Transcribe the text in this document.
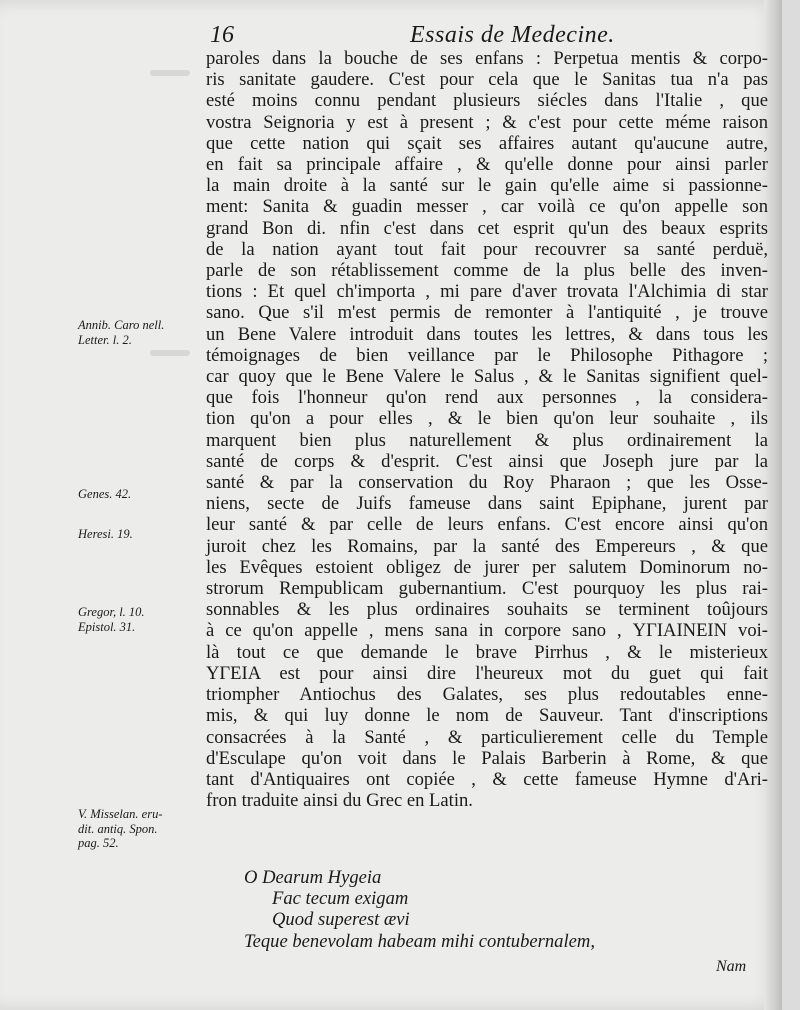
16	Essais de Medecine.
Annib. Caro nell.
Letter. l. 2.
Genes. 42.
Heresi. 19.
Gregor, l. 10.
Epistol. 31.
V. Misselan. eru-
dit. antiq. Spon.
pag. 52.
paroles dans la bouche de ses enfans : Perpetua mentis & corpo-
ris sanitate gaudere. C'est pour cela que le Sanitas tua n'a pas
esté moins connu pendant plusieurs siécles dans l'Italie , que
vostra Seignoria y est à present ; & c'est pour cette méme raison
que cette nation qui sçait ses affaires autant qu'aucune autre,
en fait sa principale affaire , & qu'elle donne pour ainsi parler
la main droite à la santé sur le gain qu'elle aime si passionne-
ment: Sanita & guadin messer , car voilà ce qu'on appelle son
grand Bon di. nfin c'est dans cet esprit qu'un des beaux esprits
de la nation ayant tout fait pour recouvrer sa santé perduë,
parle de son rétablissement comme de la plus belle des inven-
tions : Et quel ch'importa , mi pare d'aver trovata l'Alchimia di star
sano. Que s'il m'est permis de remonter à l'antiquité , je trouve
un Bene Valere introduit dans toutes les lettres, & dans tous les
témoignages de bien veillance par le Philosophe Pithagore ;
car quoy que le Bene Valere le Salus , & le Sanitas signifient quel-
que fois l'honneur qu'on rend aux personnes , la considera-
tion qu'on a pour elles , & le bien qu'on leur souhaite , ils
marquent bien plus naturellement & plus ordinairement la
santé de corps & d'esprit. C'est ainsi que Joseph jure par la
santé & par la conservation du Roy Pharaon ; que les Osse-
niens, secte de Juifs fameuse dans saint Epiphane, jurent par
leur santé & par celle de leurs enfans. C'est encore ainsi qu'on
juroit chez les Romains, par la santé des Empereurs , & que
les Evêques estoient obligez de jurer per salutem Dominorum no-
strorum Rempublicam gubernantium. C'est pourquoy les plus rai-
sonnables & les plus ordinaires souhaits se terminent toûjours
à ce qu'on appelle , mens sana in corpore sano , ΥΓΙΑΙΝΕΙΝ voi-
là tout ce que demande le brave Pirrhus , & le misterieux
ΥΓΕΙΑ est pour ainsi dire l'heureux mot du guet qui fait
triompher Antiochus des Galates, ses plus redoutables enne-
mis, & qui luy donne le nom de Sauveur. Tant d'inscriptions
consacrées à la Santé , & particulierement celle du Temple
d'Esculape qu'on voit dans le Palais Barberin à Rome, & que
tant d'Antiquaires ont copiée , & cette fameuse Hymne d'Ari-
fron traduite ainsi du Grec en Latin.
O Dearum Hygeia
Fac tecum exigam
Quod superest ævi
Teque benevolam habeam mihi contubernalem,
Nam
